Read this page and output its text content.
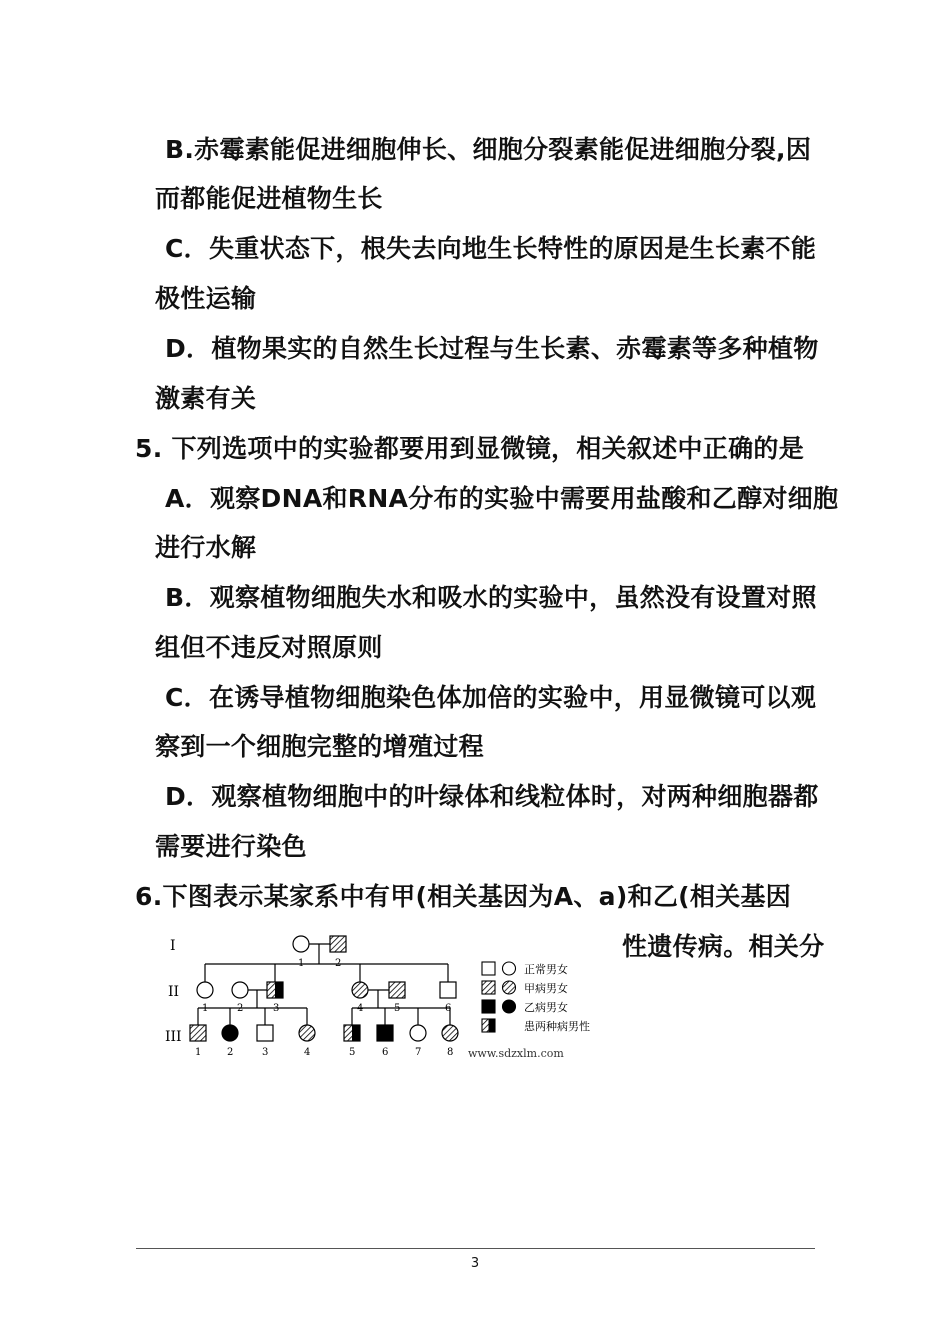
B.赤霉素能促进细胞伸长、细胞分裂素能促进细胞分裂,因
而都能促进植物生长
C．失重状态下，根失去向地生长特性的原因是生长素不能
极性运输
D．植物果实的自然生长过程与生长素、赤霉素等多种植物
激素有关
5. 下列选项中的实验都要用到显微镜，相关叙述中正确的是
A．观察DNA和RNA分布的实验中需要用盐酸和乙醇对细胞
进行水解
B．观察植物细胞失水和吸水的实验中，虽然没有设置对照
组但不违反对照原则
C．在诱导植物细胞染色体加倍的实验中，用显微镜可以观
察到一个细胞完整的增殖过程
D．观察植物细胞中的叶绿体和线粒体时，对两种细胞器都
需要进行染色
6.下图表示某家系中有甲(相关基因为A、a)和乙(相关基因
性遗传病。相关分
I
II
III
1	2
1	2	3	4	5	6
1	2	3	4	5	6	7	8
正常男女
甲病男女
乙病男女
患两种病男性
www.sdzxlm.com
3
